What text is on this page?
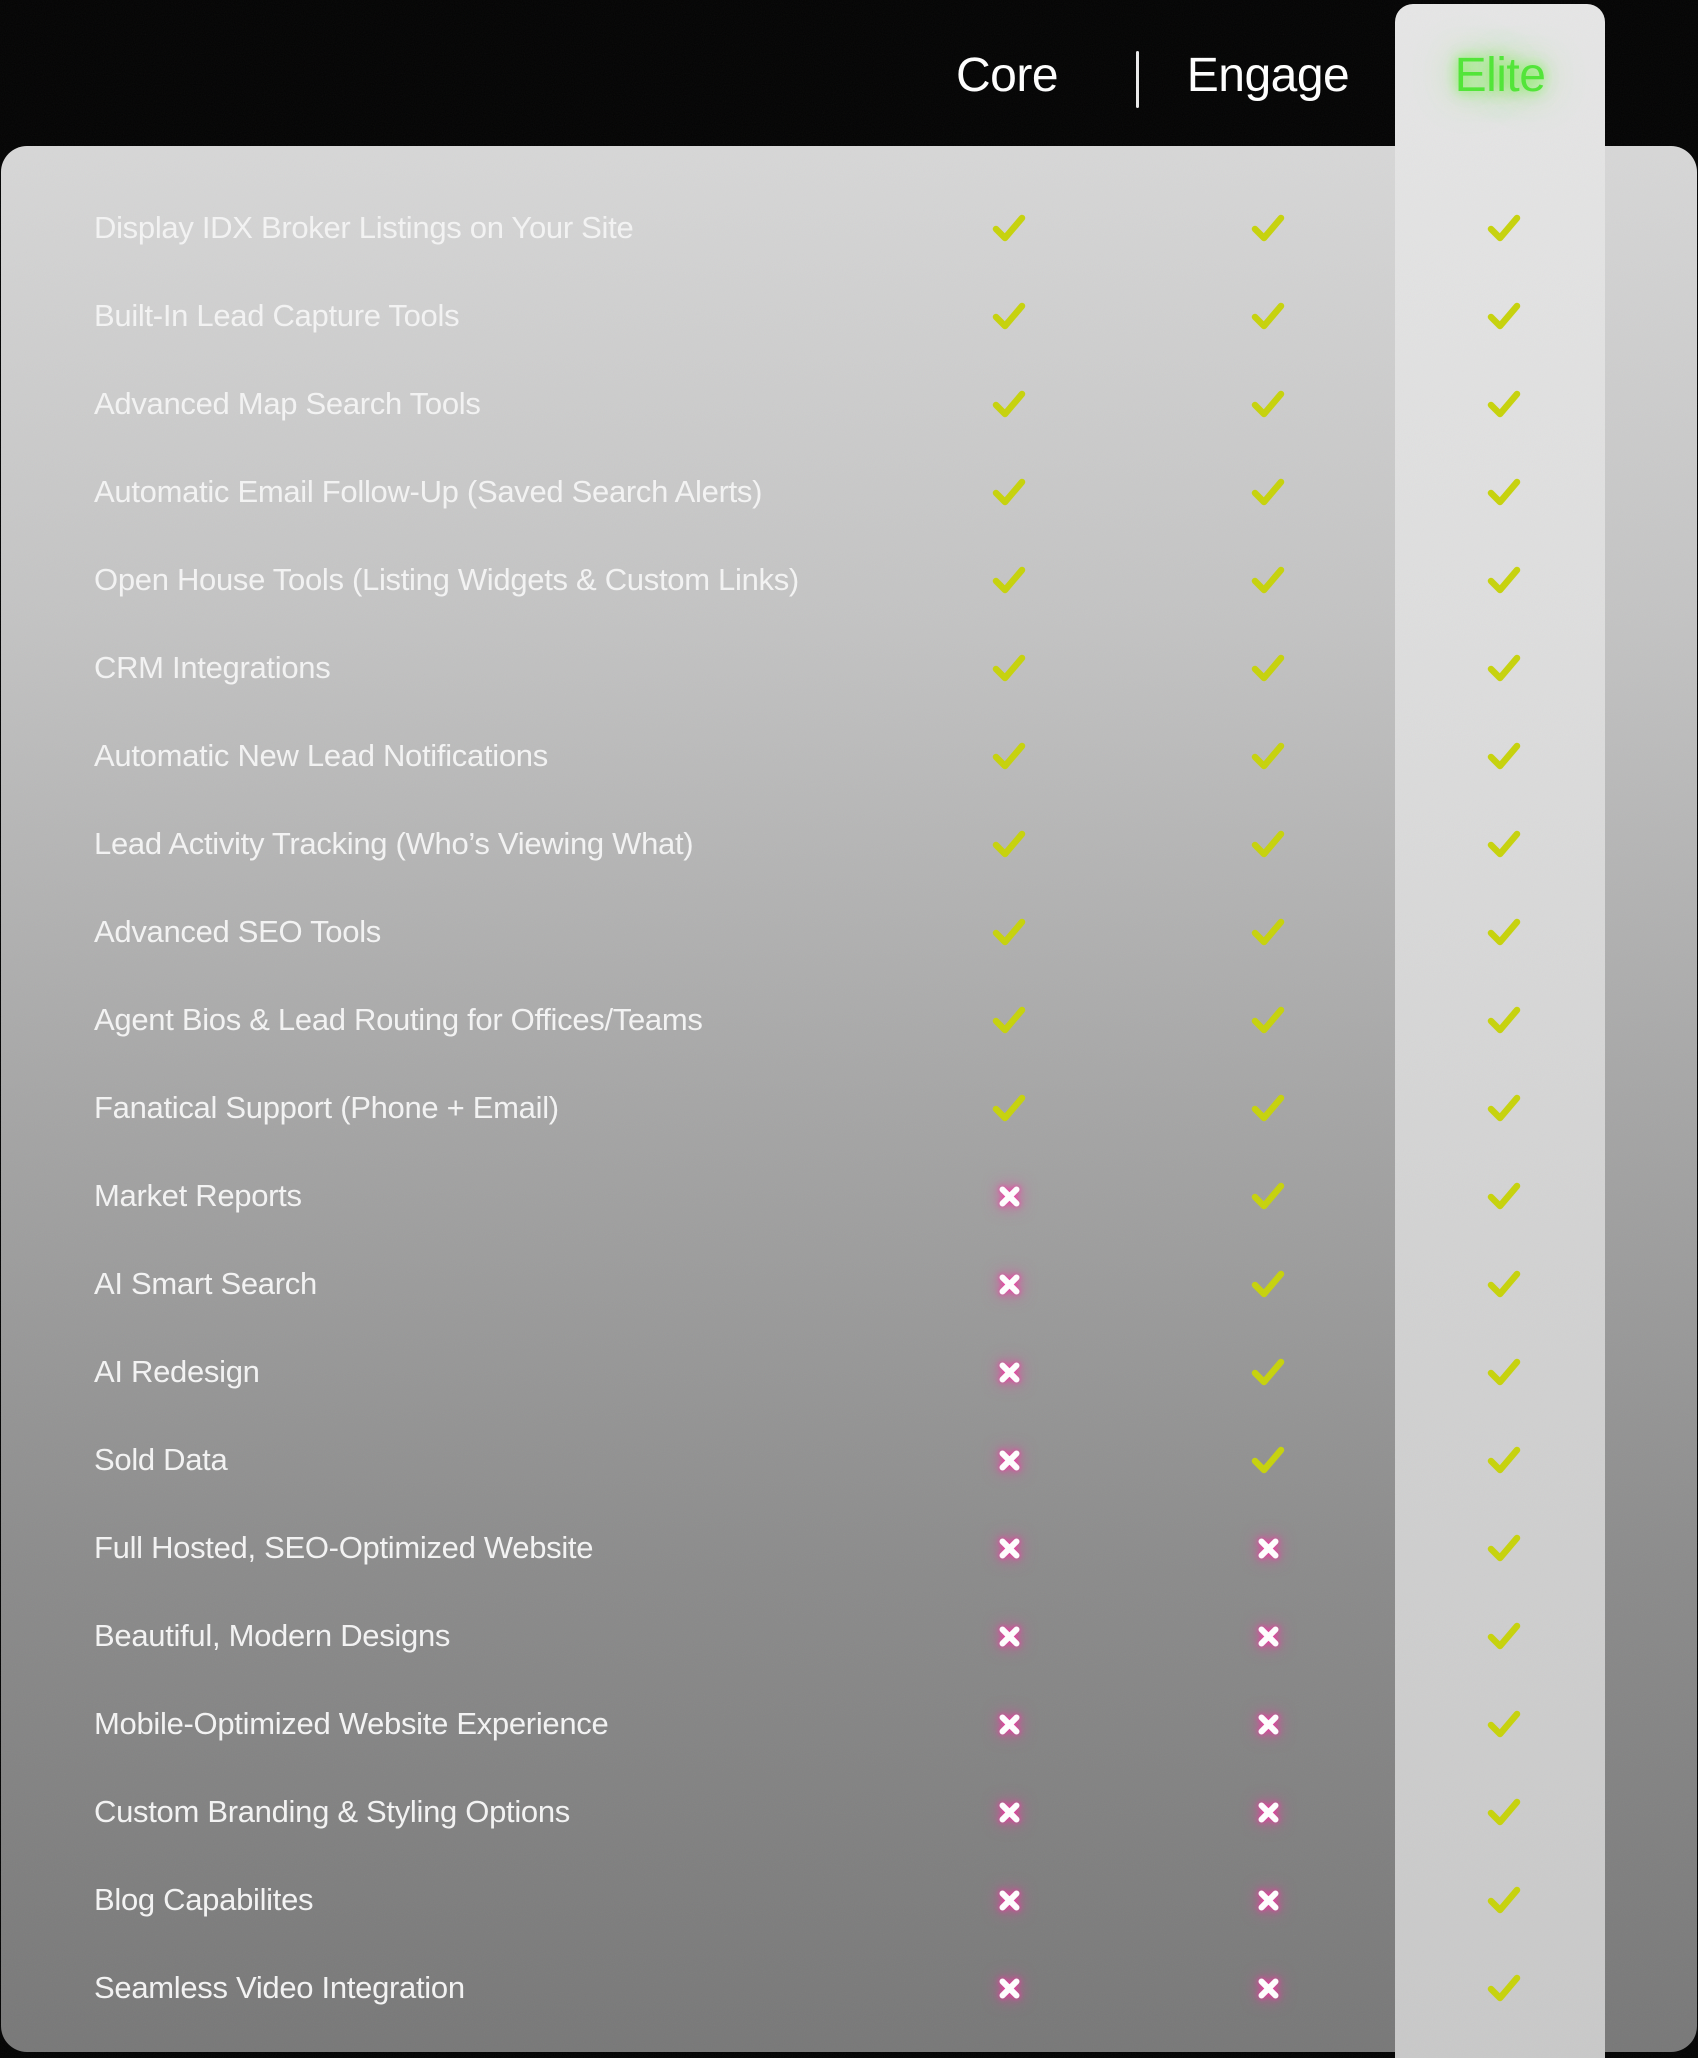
Core	Engage Elite
Display IDX Broker Listings on Your Site
Built-In Lead Capture Tools
Advanced Map Search Tools
Automatic Email Follow-Up (Saved Search Alerts)
Open House Tools (Listing Widgets & Custom Links)
CRM Integrations
Automatic New Lead Notifications
Lead Activity Tracking (Who’s Viewing What)
Advanced SEO Tools
Agent Bios & Lead Routing for Offices/Teams
Fanatical Support (Phone + Email)
Market Reports
AI Smart Search
AI Redesign
Sold Data
Full Hosted, SEO-Optimized Website
Beautiful, Modern Designs
Mobile-Optimized Website Experience
Custom Branding & Styling Options
Blog Capabilites
Seamless Video Integration
